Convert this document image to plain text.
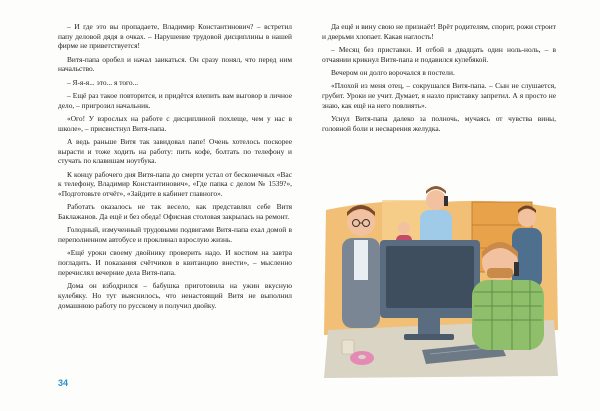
– И где это вы пропадаете, Владимир Константинович? – встретил папу деловой дядя в очках. – Нарушение трудовой дисциплины в нашей фирме не приветствуется!

Витя-папа оробел и начал заикаться. Он сразу понял, что перед ним начальство.

– Я-я-я... это... я того...

– Ещё раз такое повторится, и придётся влепить вам выговор в личное дело, – пригрозил начальник.

«Ого! У взрослых на работе с дисциплиной похлеще, чем у нас в школе», – присвистнул Витя-папа.

А ведь раньше Витя так завидовал папе! Очень хотелось поскорее вырасти и тоже ходить на работу: пить кофе, болтать по телефону и стучать по клавишам ноутбука.

К концу рабочего дня Витя-папа до смерти устал от бесконечных «Вас к телефону, Владимир Константинович», «Где папка с делом № 1539?», «Подготовьте отчёт», «Зайдите в кабинет главного».

Работать оказалось не так весело, как представлял себе Витя Баклажанов. Да ещё и без обеда! Офисная столовая закрылась на ремонт.

Голодный, измученный трудовыми подвигами Витя-папа ехал домой в переполненном автобусе и проклинал взрослую жизнь.

«Ещё уроки своему двойнику проверить надо. И костюм на завтра погладить. И показания счётчиков в квитанцию внести», – мысленно перечислял вечерние дела Витя-папа.

Дома он взбодрился – бабушка приготовила на ужин вкусную кулебяку. Но тут выяснилось, что ненастоящий Витя не выполнил домашнюю работу по русскому и получил двойку.

34

Да ещё и вину свою не признаёт! Врёт родителям, спорит, рожи строит и дверьми хлопает. Какая наглость!

– Месяц без приставки. И отбой в двадцать один ноль-ноль, – в отчаянии крикнул Витя-папа и подавился кулебякой.

Вечером он долго ворочался в постели.

«Плохой из меня отец, – сокрушался Витя-папа. – Сын не слушается, грубит. Уроки не учит. Думает, я назло приставку запретил. А я просто не знаю, как ещё на него повлиять».

Уснул Витя-папа далеко за полночь, мучаясь от чувства вины, головной боли и несварения желудка.
